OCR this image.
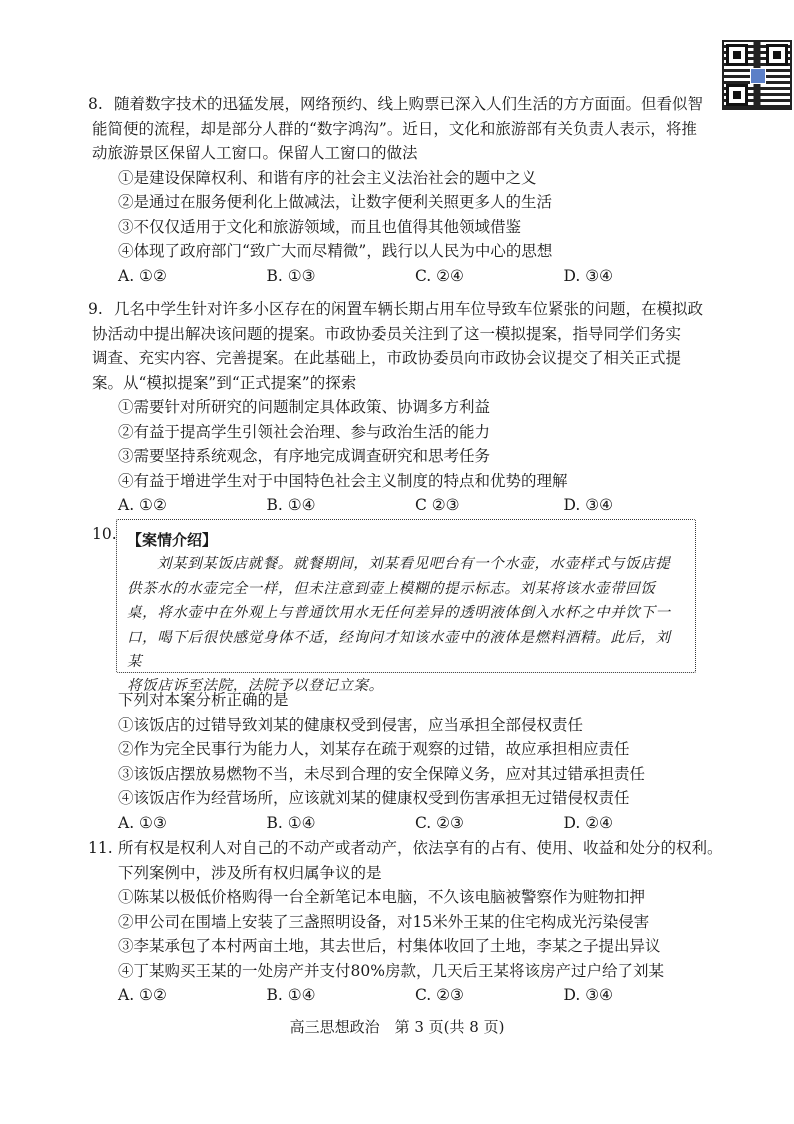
8. 随着数字技术的迅猛发展，网络预约、线上购票已深入人们生活的方方面面。但看似智
能简便的流程，却是部分人群的“数字鸿沟”。近日，文化和旅游部有关负责人表示，将推
动旅游景区保留人工窗口。保留人工窗口的做法
①是建设保障权利、和谐有序的社会主义法治社会的题中之义
②是通过在服务便利化上做减法，让数字便利关照更多人的生活
③不仅仅适用于文化和旅游领域，而且也值得其他领域借鉴
④体现了政府部门“致广大而尽精微”，践行以人民为中心的思想
A. ①②	B. ①③	C. ②④	D. ③④
9. 几名中学生针对许多小区存在的闲置车辆长期占用车位导致车位紧张的问题，在模拟政
协活动中提出解决该问题的提案。市政协委员关注到了这一模拟提案，指导同学们务实
调查、充实内容、完善提案。在此基础上，市政协委员向市政协会议提交了相关正式提
案。从“模拟提案”到“正式提案”的探索
①需要针对所研究的问题制定具体政策、协调多方利益
②有益于提高学生引领社会治理、参与政治生活的能力
③需要坚持系统观念，有序地完成调查研究和思考任务
④有益于增进学生对于中国特色社会主义制度的特点和优势的理解
A. ①②	B. ①④	C ②③	D. ③④
10. 【案情介绍】
刘某到某饭店就餐。就餐期间，刘某看见吧台有一个水壶，水壶样式与饭店提
供茶水的水壶完全一样，但未注意到壶上模糊的提示标志。刘某将该水壶带回饭
桌，将水壶中在外观上与普通饮用水无任何差异的透明液体倒入水杯之中并饮下一
口，喝下后很快感觉身体不适，经询问才知该水壶中的液体是燃料酒精。此后，刘某
将饭店诉至法院，法院予以登记立案。
下列对本案分析正确的是
①该饭店的过错导致刘某的健康权受到侵害，应当承担全部侵权责任
②作为完全民事行为能力人，刘某存在疏于观察的过错，故应承担相应责任
③该饭店摆放易燃物不当，未尽到合理的安全保障义务，应对其过错承担责任
④该饭店作为经营场所，应该就刘某的健康权受到伤害承担无过错侵权责任
A. ①③	B. ①④	C. ②③	D. ②④
11. 所有权是权利人对自己的不动产或者动产，依法享有的占有、使用、收益和处分的权利。
下列案例中，涉及所有权归属争议的是
①陈某以极低价格购得一台全新笔记本电脑，不久该电脑被警察作为赃物扣押
②甲公司在围墙上安装了三盏照明设备，对15米外王某的住宅构成光污染侵害
③李某承包了本村两亩土地，其去世后，村集体收回了土地，李某之子提出异议
④丁某购买王某的一处房产并支付80%房款，几天后王某将该房产过户给了刘某
A. ①②	B. ①④	C. ②③	D. ③④
高三思想政治　第 3 页(共 8 页)
